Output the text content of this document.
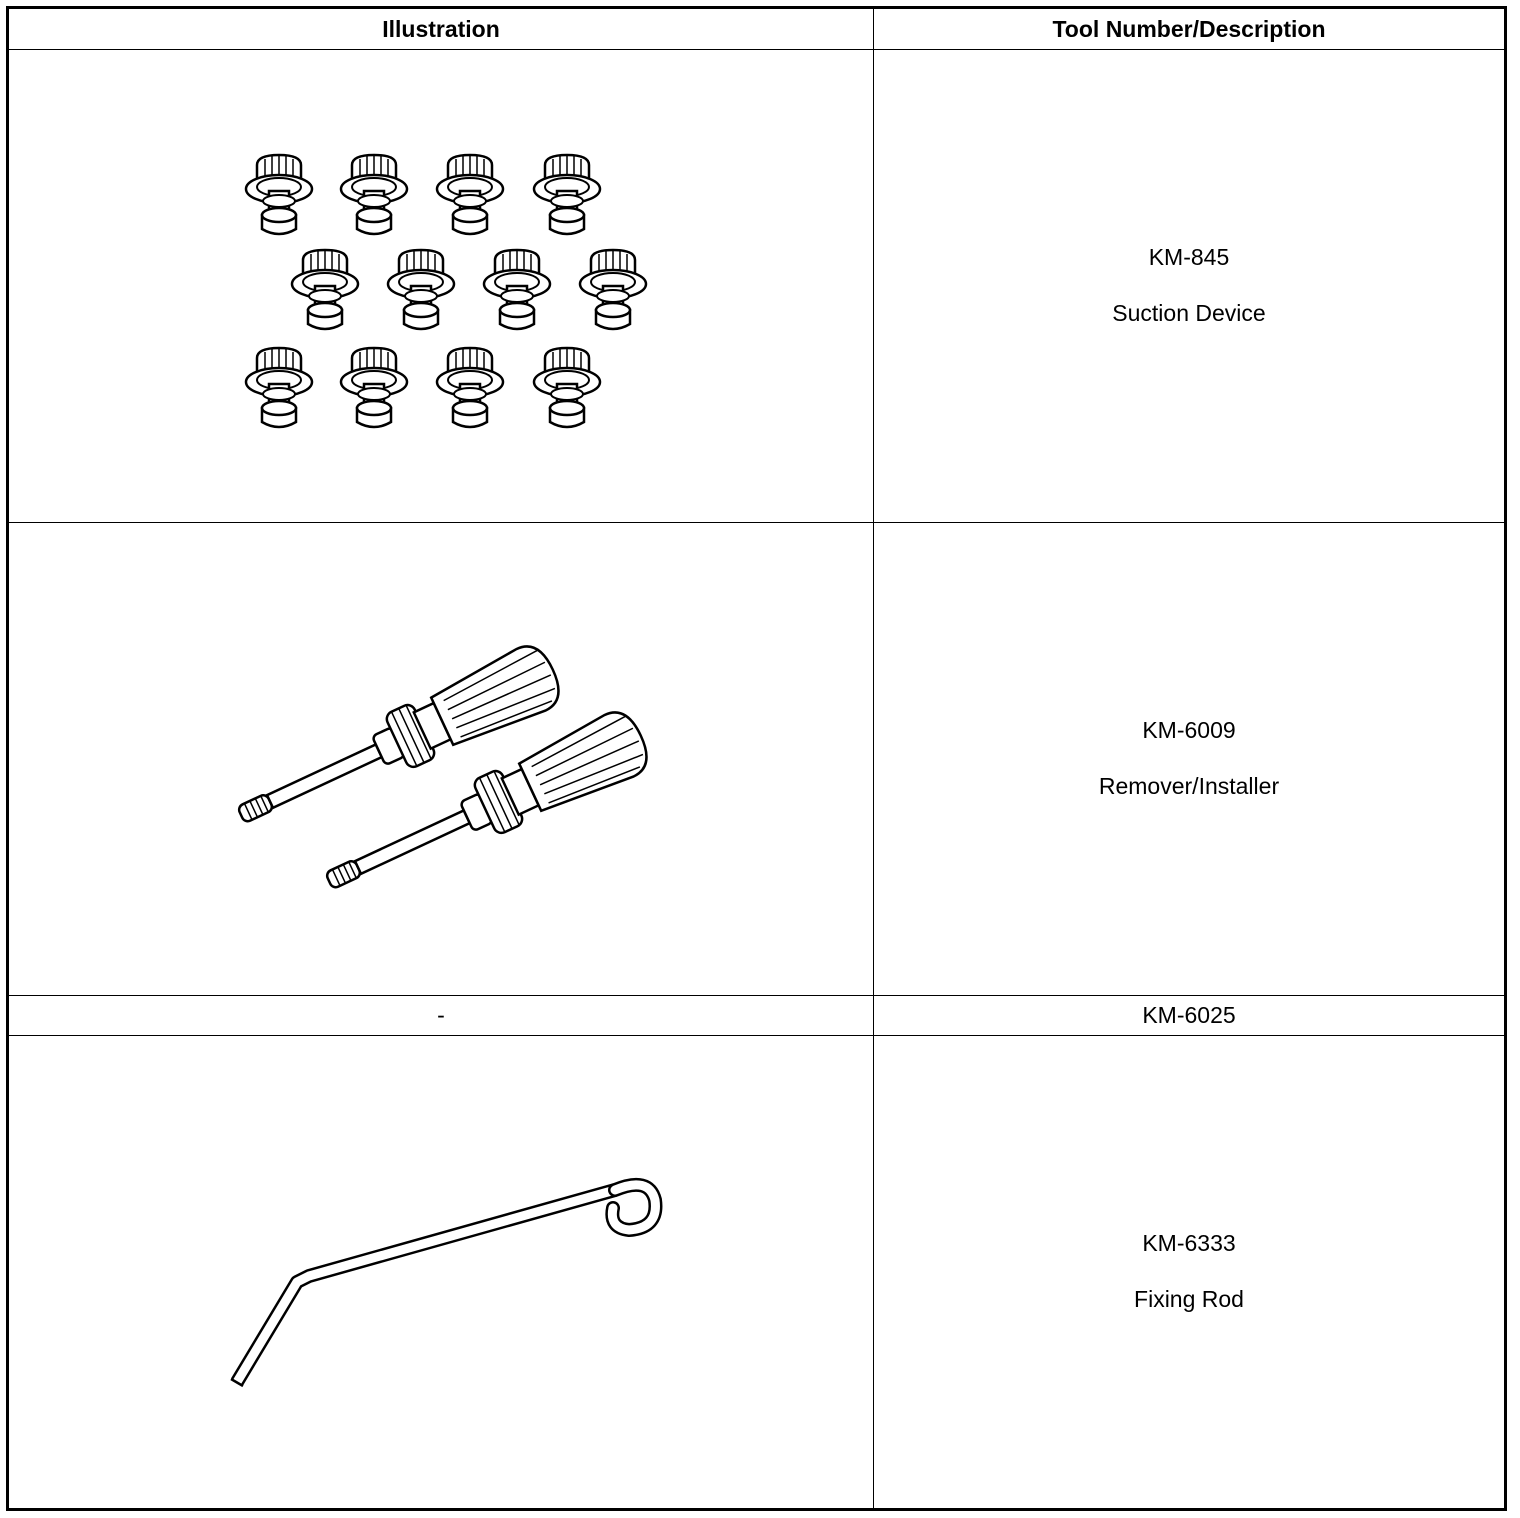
Illustration	Tool Number/Description

KM-845
Suction Device

KM-6009
Remover/Installer

-	KM-6025

KM-6333
Fixing Rod
